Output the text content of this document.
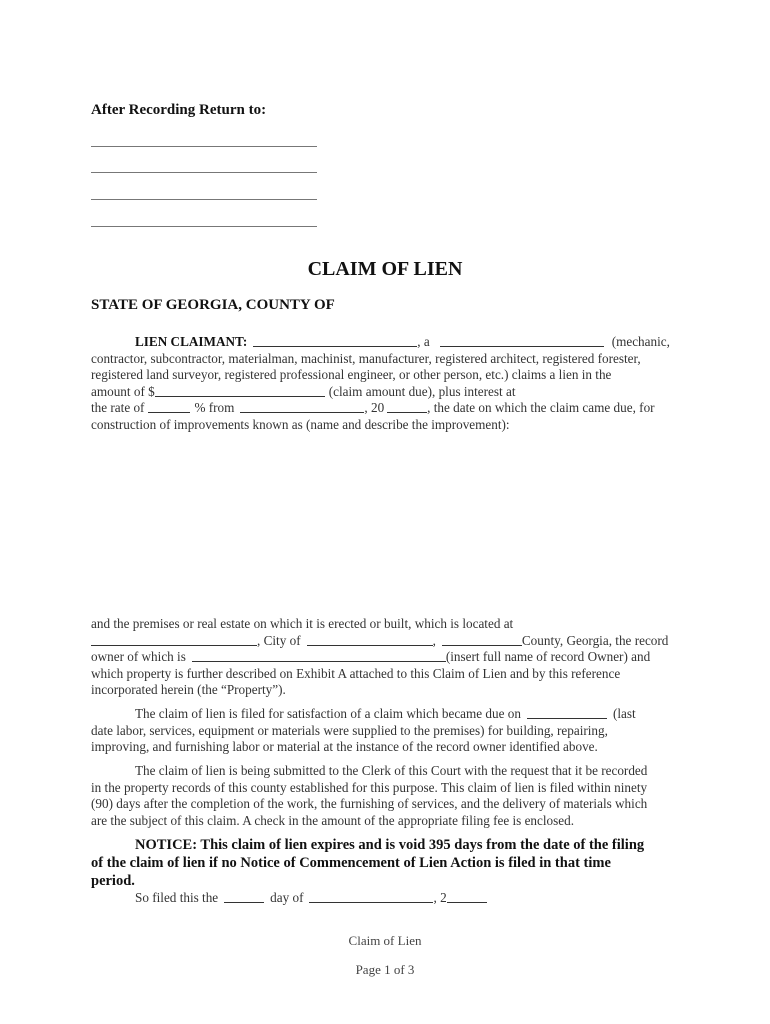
After Recording Return to:
CLAIM OF LIEN
STATE OF GEORGIA, COUNTY OF
LIEN CLAIMANT:	, a	(mechanic,
contractor, subcontractor, materialman, machinist, manufacturer, registered architect, registered forester,
registered land surveyor, registered professional engineer, or other person, etc.) claims a lien in the
amount of $	(claim amount due), plus interest at
the rate of	% from	, 20	, the date on which the claim came due, for
construction of improvements known as (name and describe the improvement):
and the premises or real estate on which it is erected or built, which is located at
, City of	,	County, Georgia, the record
owner of which is	(insert full name of record Owner) and
which property is further described on Exhibit A attached to this Claim of Lien and by this reference
incorporated herein (the “Property”).
The claim of lien is filed for satisfaction of a claim which became due on	(last
date labor, services, equipment or materials were supplied to the premises) for building, repairing,
improving, and furnishing labor or material at the instance of the record owner identified above.
The claim of lien is being submitted to the Clerk of this Court with the request that it be recorded
in the property records of this county established for this purpose. This claim of lien is filed within ninety
(90) days after the completion of the work, the furnishing of services, and the delivery of materials which
are the subject of this claim. A check in the amount of the appropriate filing fee is enclosed.
NOTICE: This claim of lien expires and is void 395 days from the date of the filing
of the claim of lien if no Notice of Commencement of Lien Action is filed in that time
period.
So filed this the	day of	, 2
Claim of Lien
Page 1 of 3
